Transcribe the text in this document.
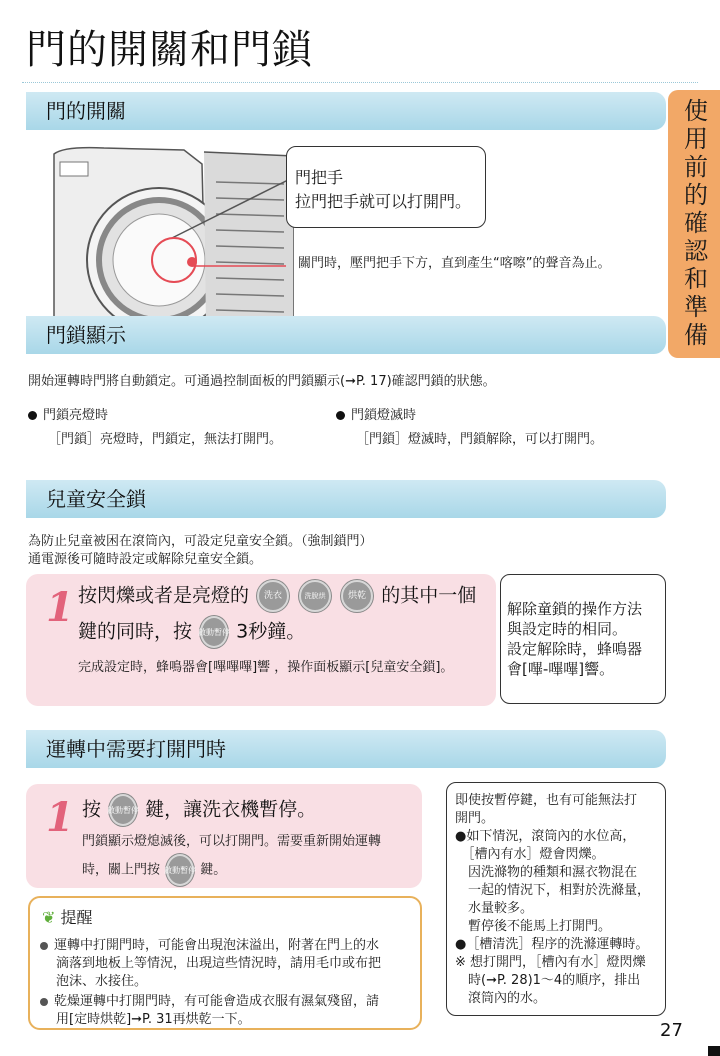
門的開關和門鎖
使用前的確認和準備
門的開關
門把手
拉門把手就可以打開門。
關門時，壓門把手下方，直到產生“喀嚓”的聲音為止。
門鎖顯示
開始運轉時門將自動鎖定。可通過控制面板的門鎖顯示(➞P. 17)確認門鎖的狀態。
門鎖亮燈時
［門鎖］亮燈時，門鎖定，無法打開門。
門鎖燈滅時
［門鎖］燈滅時，門鎖解除，可以打開門。
兒童安全鎖
為防止兒童被困在滾筒內，可設定兒童安全鎖。（強制鎖門）
通電源後可隨時設定或解除兒童安全鎖。
1 按閃爍或者是亮燈的 洗衣	洗脫烘	烘乾 的其中一個
鍵的同時，按 啟動暫停 3秒鐘。
完成設定時，蜂鳴器會[嗶嗶嗶]響 ，操作面板顯示[兒童安全鎖]。
解除童鎖的操作方法
與設定時的相同。
設定解除時，蜂鳴器
會[嗶-嗶嗶]響。
運轉中需要打開門時
1 按 啟動暫停 鍵，讓洗衣機暫停。
門鎖顯示燈熄滅後，可以打開門。需要重新開始運轉
時，關上門按 啟動暫停 鍵。
即使按暫停鍵，也有可能無法打
開門。
●如下情況，滾筒內的水位高，
　［槽內有水］燈會閃爍。
　因洗滌物的種類和濕衣物混在
　一起的情況下，相對於洗滌量，
　水量較多。
　暫停後不能馬上打開門。
●［槽清洗］程序的洗滌運轉時。
※ 想打開門，［槽內有水］燈閃爍
　時(➞P. 28)1～4的順序，排出
　滾筒內的水。
❦ 提醒
運轉中打開門時，可能會出現泡沫溢出，附著在門上的水
滴落到地板上等情況，出現這些情況時，請用毛巾或布把
泡沫、水接住。
乾燥運轉中打開門時，有可能會造成衣服有濕氣殘留，請
用[定時烘乾]➞P. 31再烘乾一下。
27
